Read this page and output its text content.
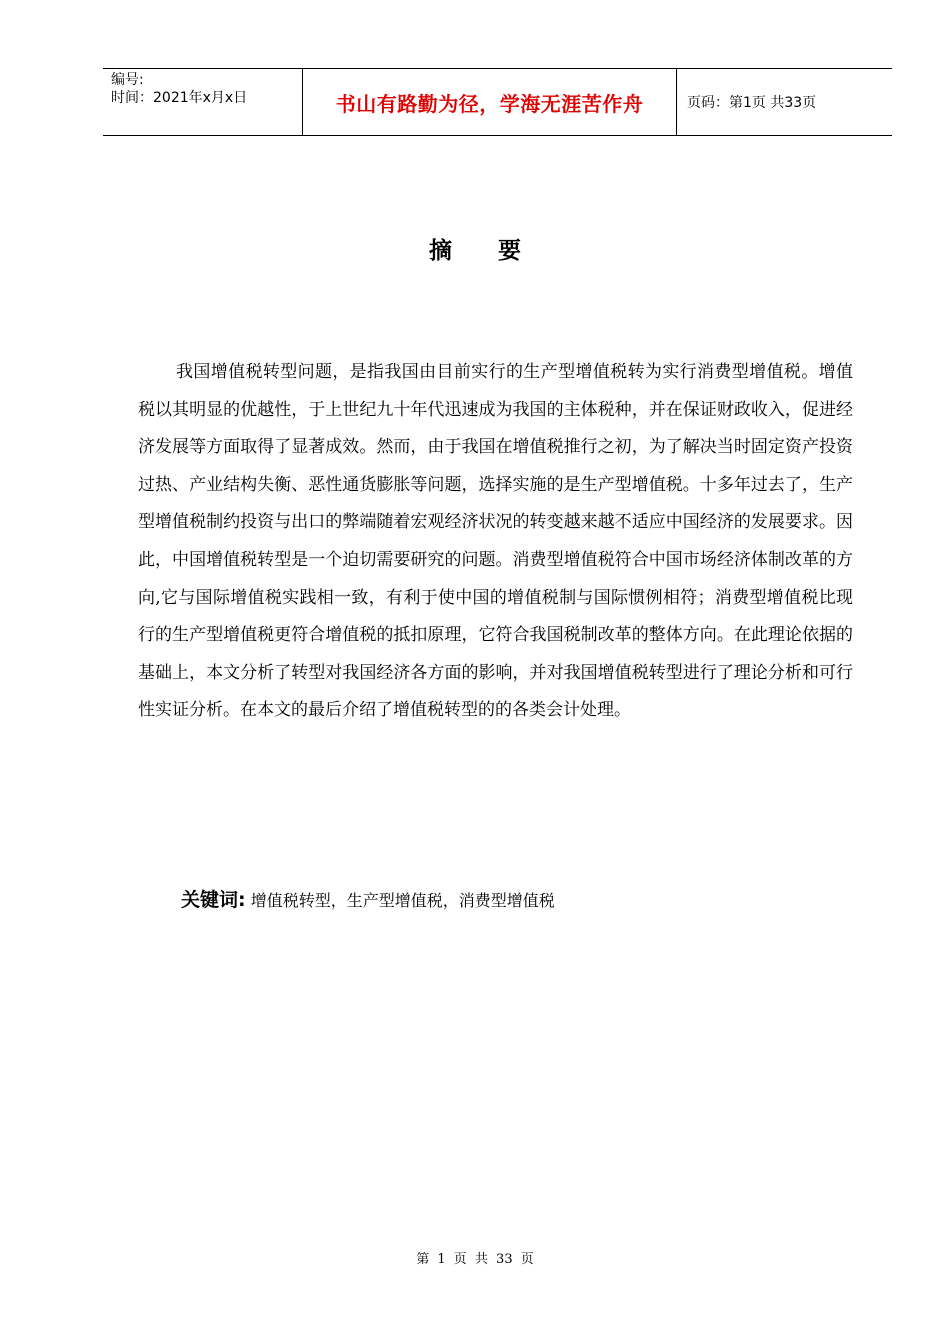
编号:
时间：2021年x月x日	书山有路勤为径，学海无涯苦作舟	页码：第1页 共33页
摘要

我国增值税转型问题，是指我国由目前实行的生产型增值税转为实行消费型增值税。增值税以其明显的优越性，于上世纪九十年代迅速成为我国的主体税种，并在保证财政收入，促进经济发展等方面取得了显著成效。然而，由于我国在增值税推行之初，为了解决当时固定资产投资过热、产业结构失衡、恶性通货膨胀等问题，选择实施的是生产型增值税。十多年过去了，生产型增值税制约投资与出口的弊端随着宏观经济状况的转变越来越不适应中国经济的发展要求。因此，中国增值税转型是一个迫切需要研究的问题。消费型增值税符合中国市场经济体制改革的方向,它与国际增值税实践相一致，有利于使中国的增值税制与国际惯例相符；消费型增值税比现行的生产型增值税更符合增值税的抵扣原理，它符合我国税制改革的整体方向。在此理论依据的基础上，本文分析了转型对我国经济各方面的影响，并对我国增值税转型进行了理论分析和可行性实证分析。在本文的最后介绍了增值税转型的的各类会计处理。

关键词: 增值税转型，生产型增值税，消费型增值税
第 1 页 共 33 页
